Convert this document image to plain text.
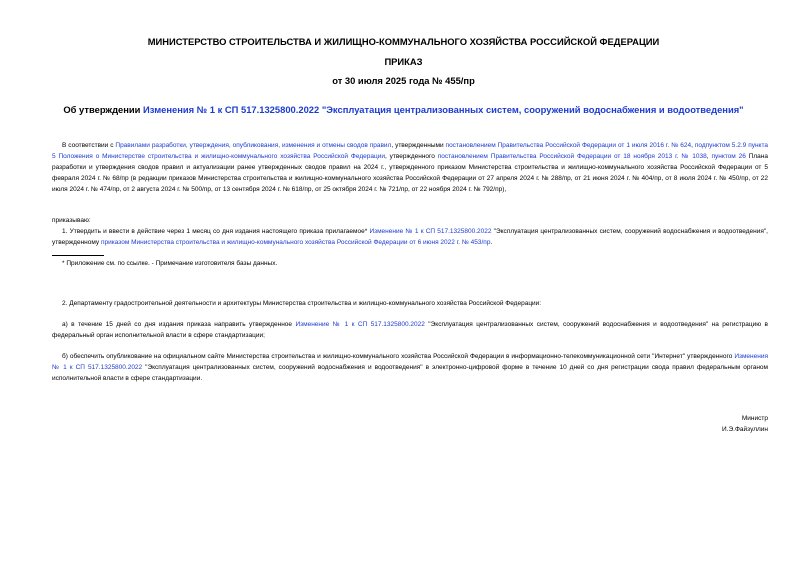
МИНИСТЕРСТВО СТРОИТЕЛЬСТВА И ЖИЛИЩНО-КОММУНАЛЬНОГО ХОЗЯЙСТВА РОССИЙСКОЙ ФЕДЕРАЦИИ
ПРИКАЗ
от 30 июля 2025 года № 455/пр
Об утверждении Изменения № 1 к СП 517.1325800.2022 "Эксплуатация централизованных систем, сооружений водоснабжения и водоотведения"
В соответствии с Правилами разработки, утверждения, опубликования, изменения и отмены сводов правил, утвержденными постановлением Правительства Российской Федерации от 1 июля 2016 г. № 624, подпунктом 5.2.9 пункта 5 Положения о Министерстве строительства и жилищно-коммунального хозяйства Российской Федерации, утвержденного постановлением Правительства Российской Федерации от 18 ноября 2013 г. № 1038, пунктом 26 Плана разработки и утверждения сводов правил и актуализации ранее утвержденных сводов правил на 2024 г., утвержденного приказом Министерства строительства и жилищно-коммунального хозяйства Российской Федерации от 5 февраля 2024 г. № 68/пр (в редакции приказов Министерства строительства и жилищно-коммунального хозяйства Российской Федерации от 27 апреля 2024 г. № 288/пр, от 21 июня 2024 г. № 404/пр, от 8 июля 2024 г. № 450/пр, от 22 июля 2024 г. № 474/пр, от 2 августа 2024 г. № 500/пр, от 13 сентября 2024 г. № 618/пр, от 25 октября 2024 г. № 721/пр, от 22 ноября 2024 г. № 792/пр),
приказываю:
1. Утвердить и ввести в действие через 1 месяц со дня издания настоящего приказа прилагаемое* Изменение № 1 к СП 517.1325800.2022 "Эксплуатация централизованных систем, сооружений водоснабжения и водоотведения", утвержденному приказом Министерства строительства и жилищно-коммунального хозяйства Российской Федерации от 6 июня 2022 г. № 453/пр.
* Приложение см. по ссылке. - Примечание изготовителя базы данных.
2. Департаменту градостроительной деятельности и архитектуры Министерства строительства и жилищно-коммунального хозяйства Российской Федерации:
а) в течение 15 дней со дня издания приказа направить утвержденное Изменение № 1 к СП 517.1325800.2022 "Эксплуатация централизованных систем, сооружений водоснабжения и водоотведения" на регистрацию в федеральный орган исполнительной власти в сфере стандартизации;
б) обеспечить опубликование на официальном сайте Министерства строительства и жилищно-коммунального хозяйства Российской Федерации в информационно-телекоммуникационной сети "Интернет" утвержденного Изменения № 1 к СП 517.1325800.2022 "Эксплуатация централизованных систем, сооружений водоснабжения и водоотведения" в электронно-цифровой форме в течение 10 дней со дня регистрации свода правил федеральным органом исполнительной власти в сфере стандартизации.
Министр
И.Э.Файзуллин
